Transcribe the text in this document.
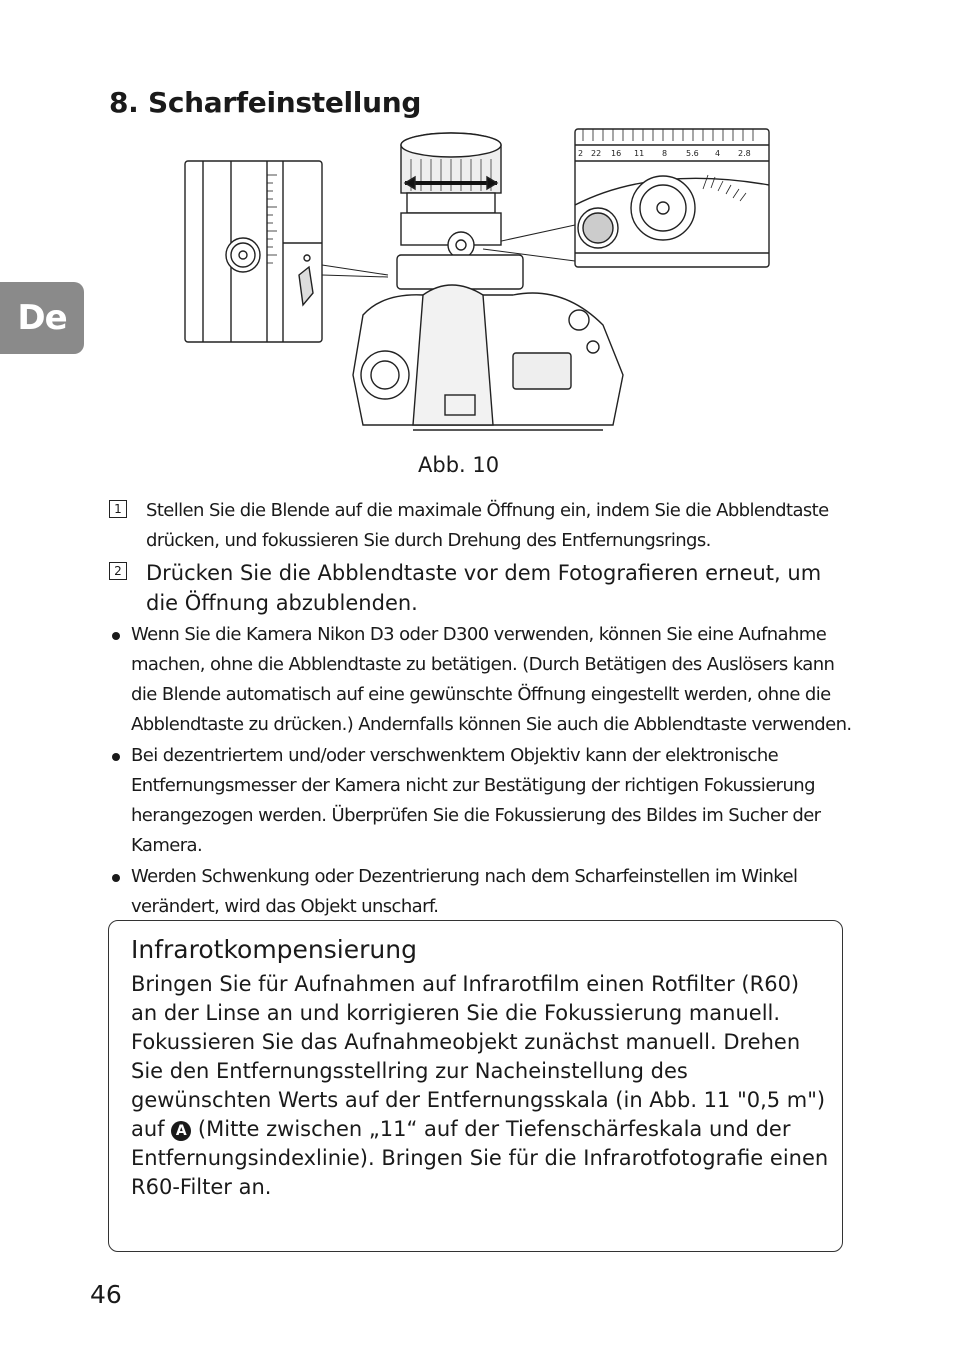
8. Scharfeinstellung
De
2 22 16 11 8 5.6 4 2.8
Abb. 10
1 Stellen Sie die Blende auf die maximale Öffnung ein, indem Sie die Abblendtaste drücken, und fokussieren Sie durch Drehung des Entfernungsrings.
2 Drücken Sie die Abblendtaste vor dem Fotografieren erneut, um die Öffnung abzublenden.
Wenn Sie die Kamera Nikon D3 oder D300 verwenden, können Sie eine Aufnahme machen, ohne die Abblendtaste zu betätigen. (Durch Betätigen des Auslösers kann die Blende automatisch auf eine gewünschte Öffnung eingestellt werden, ohne die Abblendtaste zu drücken.) Andernfalls können Sie auch die Abblendtaste verwenden.
Bei dezentriertem und/oder verschwenktem Objektiv kann der elektronische Entfernungsmesser der Kamera nicht zur Bestätigung der richtigen Fokussierung herangezogen werden. Überprüfen Sie die Fokussierung des Bildes im Sucher der Kamera.
Werden Schwenkung oder Dezentrierung nach dem Scharfeinstellen im Winkel verändert, wird das Objekt unscharf.
Infrarotkompensierung

Bringen Sie für Aufnahmen auf Infrarotfilm einen Rotfilter (R60) an der Linse an und korrigieren Sie die Fokussierung manuell.

Fokussieren Sie das Aufnahmeobjekt zunächst manuell. Drehen Sie den Entfernungsstellring zur Nacheinstellung des gewünschten Werts auf der Entfernungsskala (in Abb. 11 "0,5 m") auf A (Mitte zwischen „11“ auf der Tiefenschärfeskala und der Entfernungsindexlinie). Bringen Sie für die Infrarotfotografie einen R60-Filter an.

46
